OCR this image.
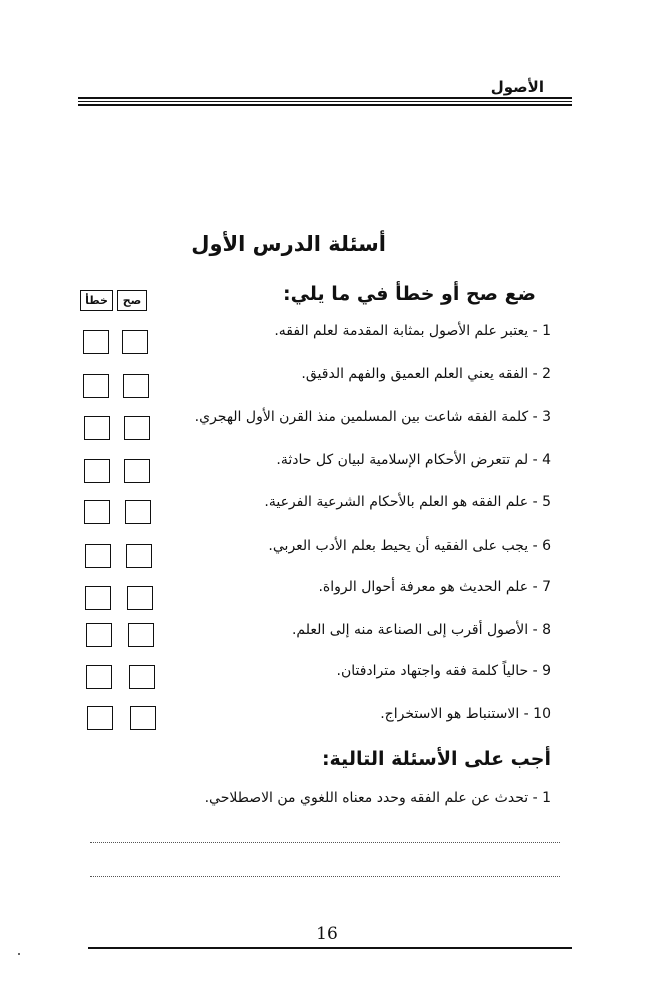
الأصول
أسئلة الدرس الأول
ضع صح أو خطأ في ما يلي:
خطأ	صح
1 - يعتبر علم الأصول بمثابة المقدمة لعلم الفقه.
2 - الفقه يعني العلم العميق والفهم الدقيق.
3 - كلمة الفقه شاعت بين المسلمين منذ القرن الأول الهجري.
4 - لم تتعرض الأحكام الإسلامية لبيان كل حادثة.
5 - علم الفقه هو العلم بالأحكام الشرعية الفرعية.
6 - يجب على الفقيه أن يحيط بعلم الأدب العربي.
7 - علم الحديث هو معرفة أحوال الرواة.
8 - الأصول أقرب إلى الصناعة منه إلى العلم.
9 - حالياً كلمة فقه واجتهاد مترادفتان.
10 - الاستنباط هو الاستخراج.
أجب على الأسئلة التالية:
1 - تحدث عن علم الفقه وحدد معناه اللغوي من الاصطلاحي.
16
